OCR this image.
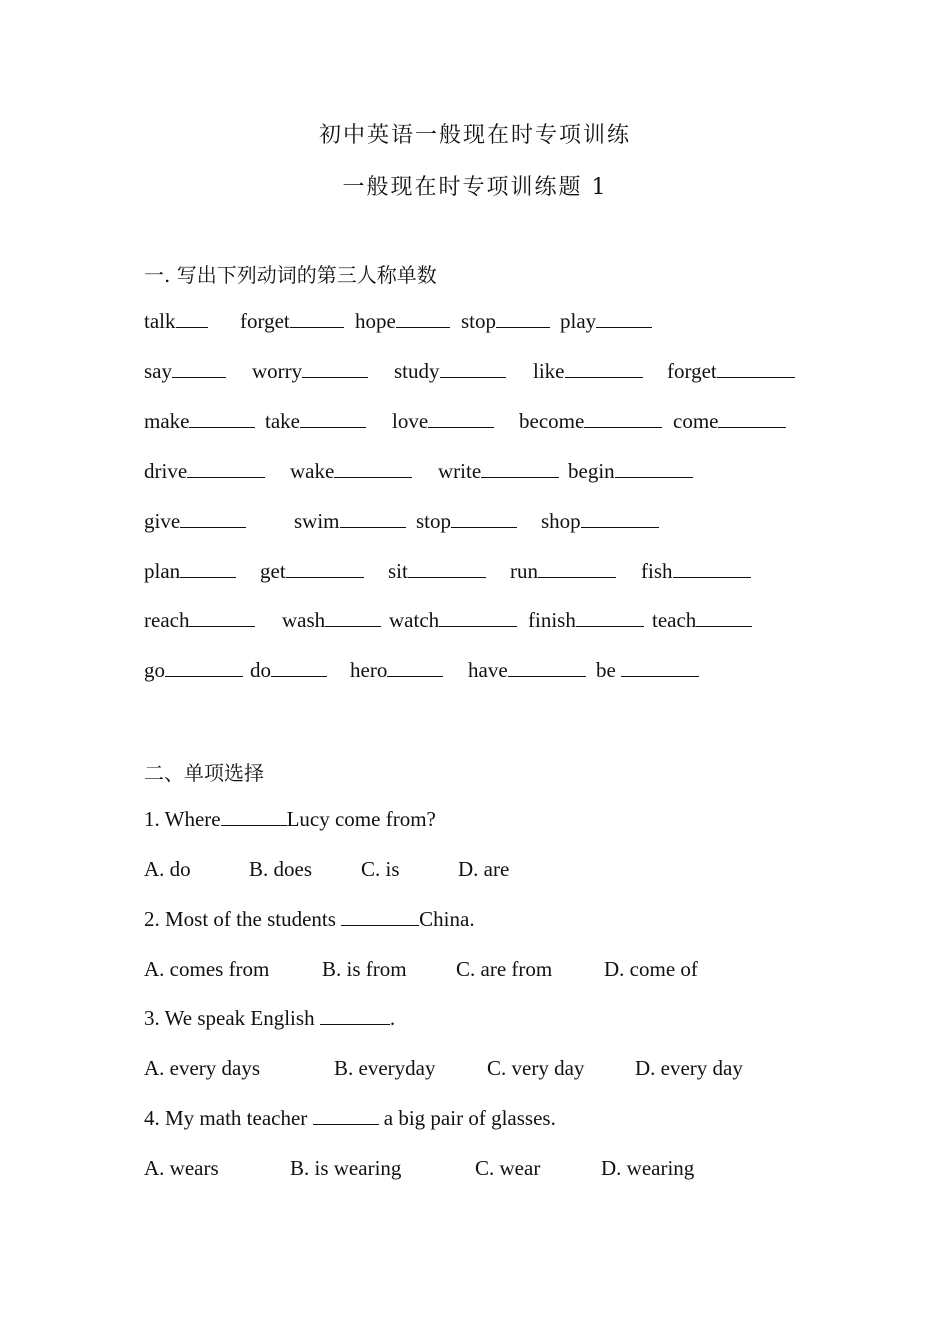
初中英语一般现在时专项训练
一般现在时专项训练题 1
一. 写出下列动词的第三人称单数
talk	forget	hope	stop	play
say	worry	study	like	forget
make	take	love	become	come
drive	wake	write	begin
give	swim	stop	shop
plan	get	sit	run	fish
reach	wash	watch	finish	teach
go	do	hero	have	be
二、单项选择
1. Where	Lucy come from?
A. do	B. does C. is	D. are
2. Most of the students	China.
A. comes from	B. is from C. are from D. come of
3. We speak English	.
A. every days	B. everyday C. very day D. every day
4. My math teacher	a big pair of glasses.
A. wears	B. is wearing	C. wear	D. wearing
